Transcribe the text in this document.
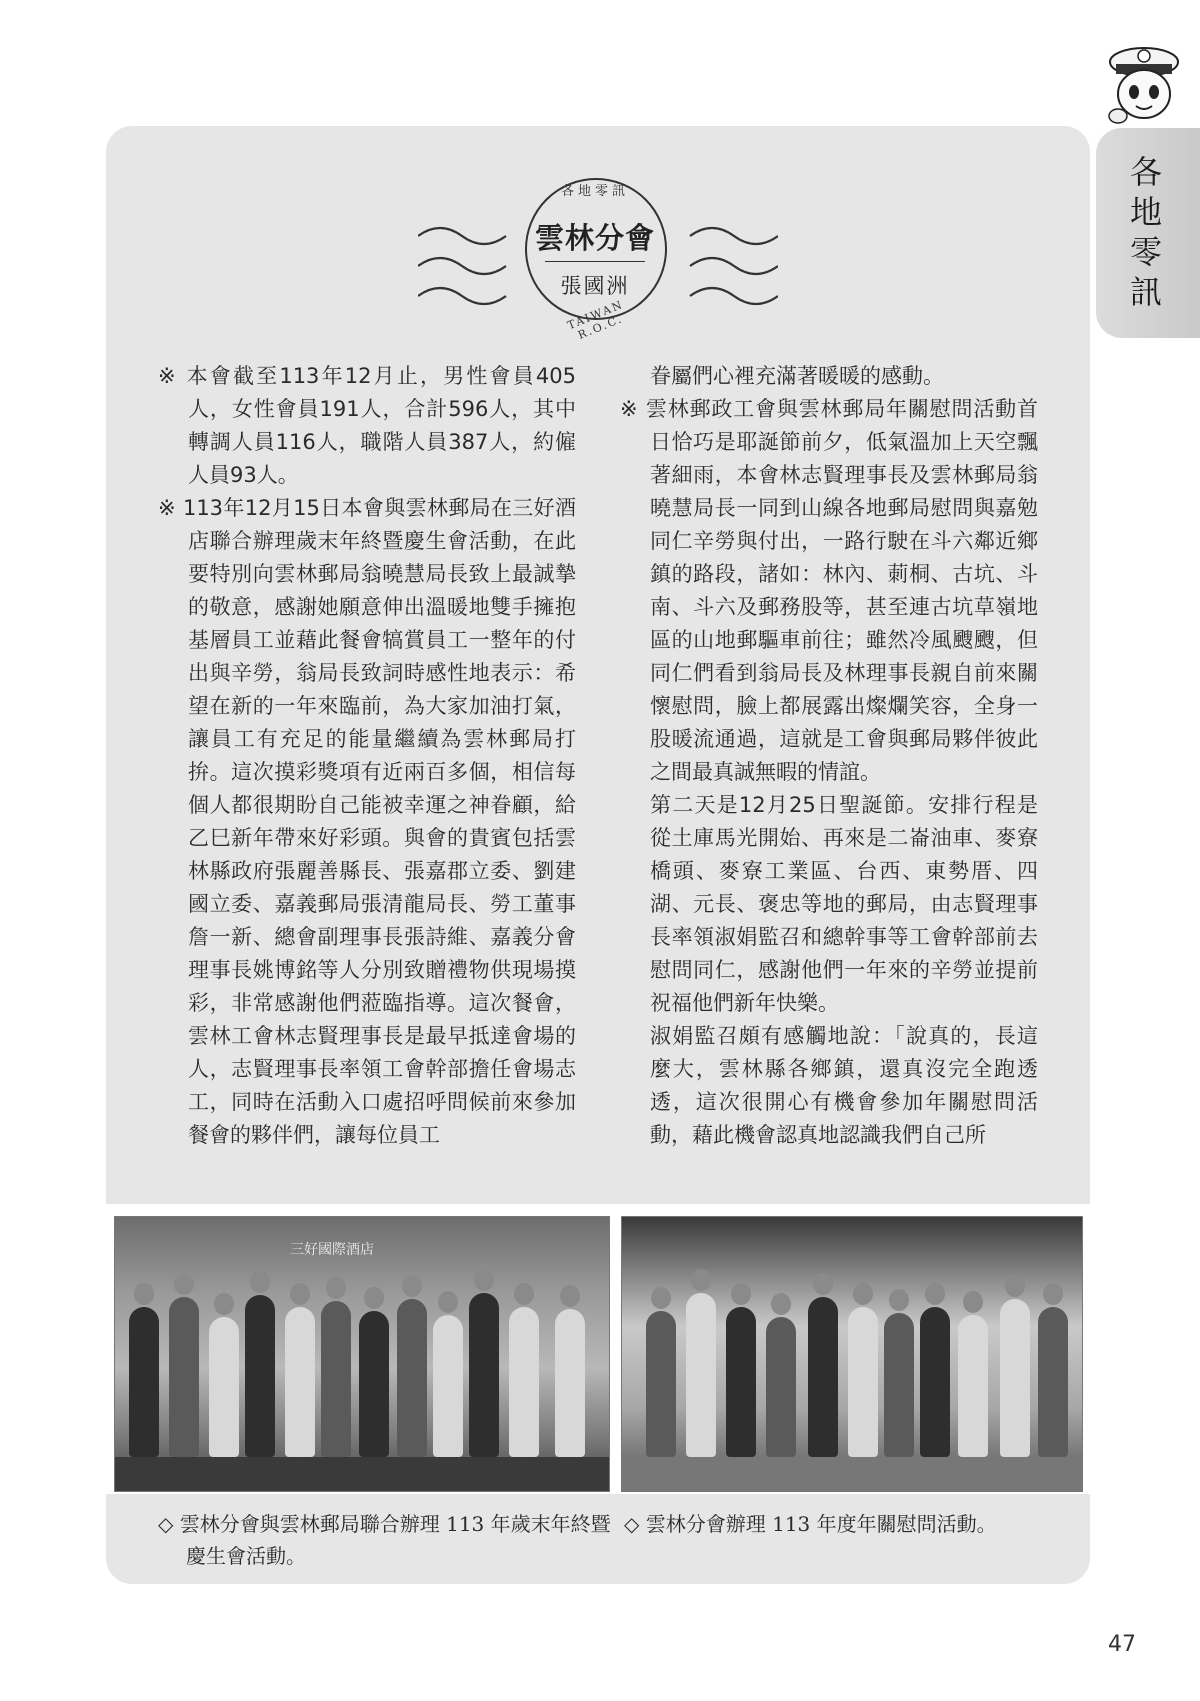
各地零訊
各地零訊
雲林分會
張國洲
TAIWAN R.O.C.

※ 本會截至113年12月止，男性會員405人，女性會員191人，合計596人，其中轉調人員116人，職階人員387人，約僱人員93人。

※ 113年12月15日本會與雲林郵局在三好酒店聯合辦理歲末年終暨慶生會活動，在此要特別向雲林郵局翁曉慧局長致上最誠摯的敬意，感謝她願意伸出溫暖地雙手擁抱基層員工並藉此餐會犒賞員工一整年的付出與辛勞，翁局長致詞時感性地表示：希望在新的一年來臨前，為大家加油打氣，讓員工有充足的能量繼續為雲林郵局打拚。這次摸彩獎項有近兩百多個，相信每個人都很期盼自己能被幸運之神眷顧，給乙巳新年帶來好彩頭。與會的貴賓包括雲林縣政府張麗善縣長、張嘉郡立委、劉建國立委、嘉義郵局張清龍局長、勞工董事詹一新、總會副理事長張詩維、嘉義分會理事長姚博銘等人分別致贈禮物供現場摸彩，非常感謝他們蒞臨指導。這次餐會，雲林工會林志賢理事長是最早抵達會場的人，志賢理事長率領工會幹部擔任會場志工，同時在活動入口處招呼問候前來參加餐會的夥伴們，讓每位員工

眷屬們心裡充滿著暖暖的感動。

※ 雲林郵政工會與雲林郵局年關慰問活動首日恰巧是耶誕節前夕，低氣溫加上天空飄著細雨，本會林志賢理事長及雲林郵局翁曉慧局長一同到山線各地郵局慰問與嘉勉同仁辛勞與付出，一路行駛在斗六鄰近鄉鎮的路段，諸如：林內、莿桐、古坑、斗南、斗六及郵務股等，甚至連古坑草嶺地區的山地郵驅車前往；雖然冷風颼颼，但同仁們看到翁局長及林理事長親自前來關懷慰問，臉上都展露出燦爛笑容，全身一股暖流通過，這就是工會與郵局夥伴彼此之間最真誠無暇的情誼。

第二天是12月25日聖誕節。安排行程是從土庫馬光開始、再來是二崙油車、麥寮橋頭、麥寮工業區、台西、東勢厝、四湖、元長、褒忠等地的郵局，由志賢理事長率領淑娟監召和總幹事等工會幹部前去慰問同仁，感謝他們一年來的辛勞並提前祝福他們新年快樂。

淑娟監召頗有感觸地說：「說真的，長這麼大，雲林縣各鄉鎮，還真沒完全跑透透，這次很開心有機會參加年關慰問活動，藉此機會認真地認識我們自己所

三好國際酒店
◇ 雲林分會與雲林郵局聯合辦理 113 年歲末年終暨慶生會活動。
◇ 雲林分會辦理 113 年度年關慰問活動。
47
